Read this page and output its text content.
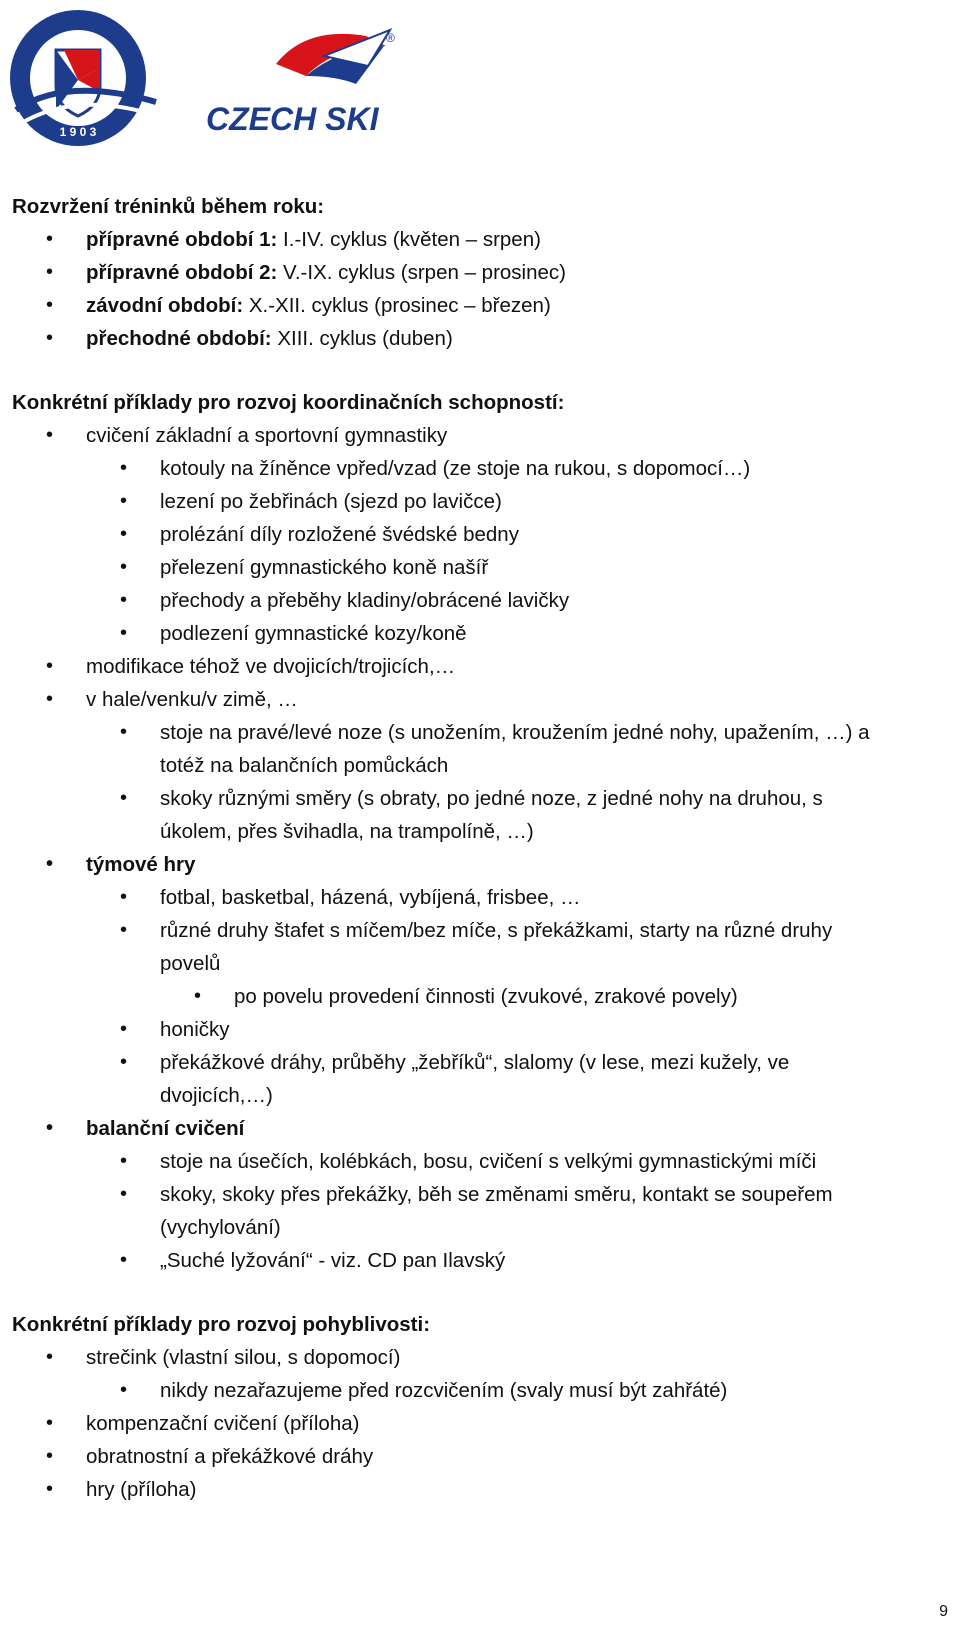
1 9 0 3
®
CZECH SKI

Rozvržení tréninků během roku:

• přípravné období 1: I.-IV. cyklus (květen – srpen)
• přípravné období 2: V.-IX. cyklus (srpen – prosinec)
• závodní období: X.-XII. cyklus (prosinec – březen)
• přechodné období: XIII. cyklus (duben)

Konkrétní příklady pro rozvoj koordinačních schopností:

• cvičení základní a sportovní gymnastiky
• kotouly na žíněnce vpřed/vzad (ze stoje na rukou, s dopomocí…)
• lezení po žebřinách (sjezd po lavičce)
• prolézání díly rozložené švédské bedny
• přelezení gymnastického koně našíř
• přechody a přeběhy kladiny/obrácené lavičky
• podlezení gymnastické kozy/koně
• modifikace téhož ve dvojicích/trojicích,…
• v hale/venku/v zimě, …
• stoje na pravé/levé noze (s unožením, kroužením jedné nohy, upažením, …) a
totéž na balančních pomůckách
• skoky různými směry (s obraty, po jedné noze, z jedné nohy na druhou, s
úkolem, přes švihadla, na trampolíně, …)
• týmové hry
• fotbal, basketbal, házená, vybíjená, frisbee, …
• různé druhy štafet s míčem/bez míče, s překážkami, starty na různé druhy
povelů
• po povelu provedení činnosti (zvukové, zrakové povely)
• honičky
• překážkové dráhy, průběhy „žebříků“, slalomy (v lese, mezi kužely, ve
dvojicích,…)
• balanční cvičení
• stoje na úsečích, kolébkách, bosu, cvičení s velkými gymnastickými míči
• skoky, skoky přes překážky, běh se změnami směru, kontakt se soupeřem
(vychylování)
• „Suché lyžování“ - viz. CD pan Ilavský

Konkrétní příklady pro rozvoj pohyblivosti:

• strečink (vlastní silou, s dopomocí)
• nikdy nezařazujeme před rozcvičením (svaly musí být zahřáté)
• kompenzační cvičení (příloha)
• obratnostní a překážkové dráhy
• hry (příloha)
9
